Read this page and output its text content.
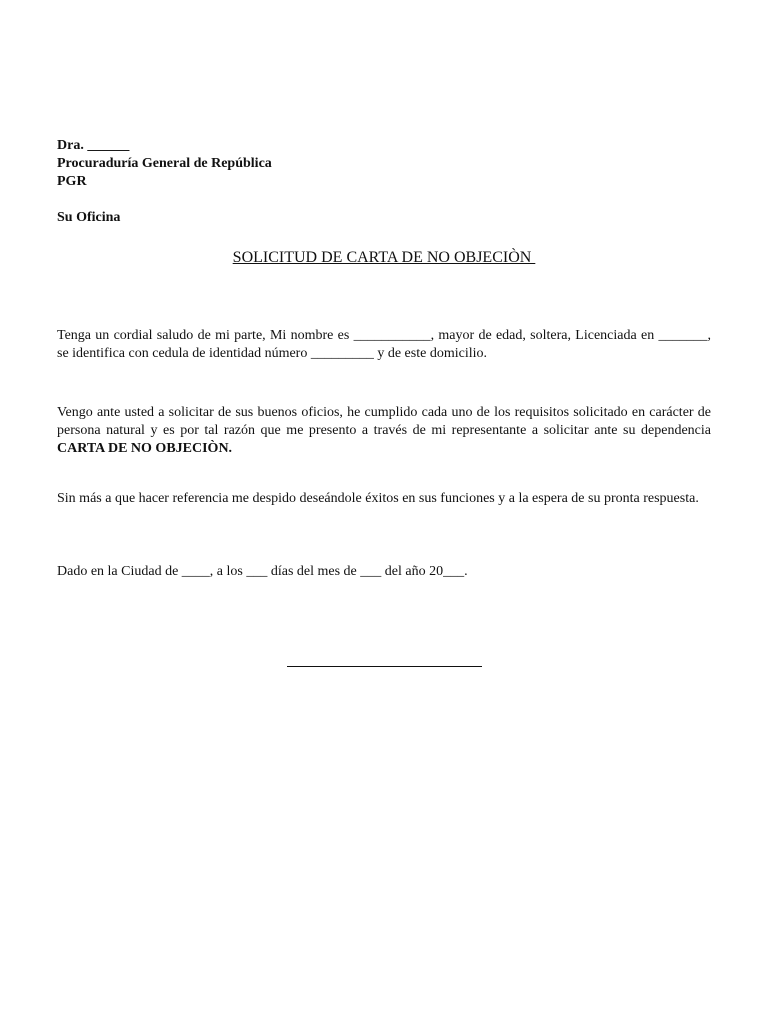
Dra. ______
Procuraduría General de República
PGR
Su Oficina
SOLICITUD DE CARTA DE NO OBJECIÒN
Tenga un cordial saludo de mi parte, Mi nombre es ___________, mayor de edad, soltera, Licenciada en _______, se identifica con cedula de identidad número _________ y de este domicilio.
Vengo ante usted a solicitar de sus buenos oficios, he cumplido cada uno de los requisitos solicitado en carácter de persona natural y es por tal razón que me presento a través de mi representante a solicitar ante su dependencia CARTA DE NO OBJECIÒN.
Sin más a que hacer referencia me despido deseándole éxitos en sus funciones y a la espera de su pronta respuesta.
Dado en la Ciudad de ____, a los ___ días del mes de ___ del año 20___.
